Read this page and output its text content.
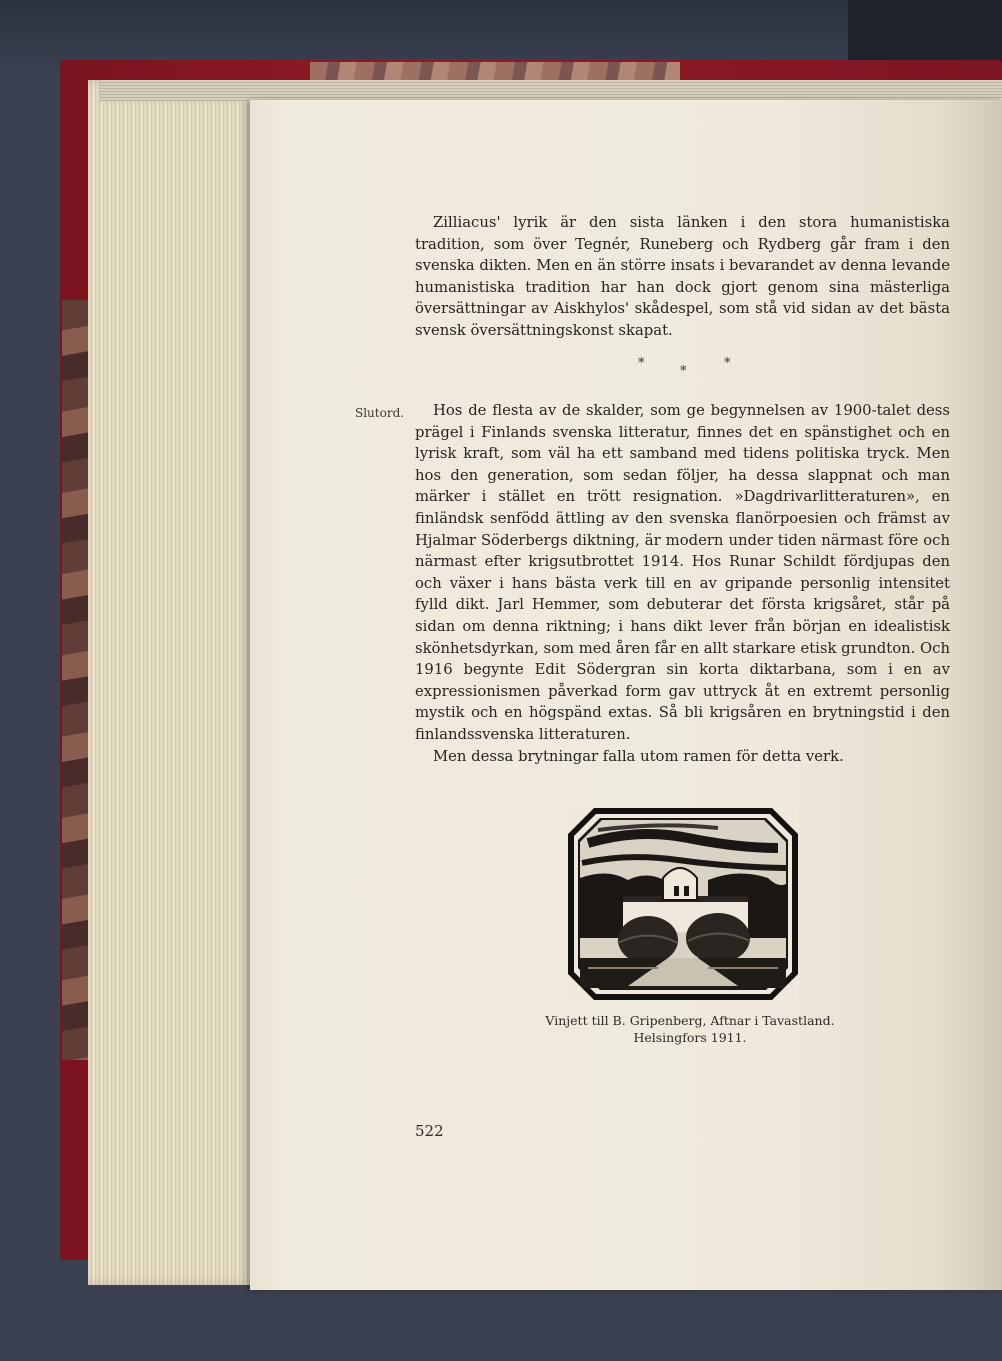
Slutord.

Zilliacus' lyrik är den sista länken i den stora humanistiska tradition, som över Tegnér, Runeberg och Rydberg går fram i den svenska dikten. Men en än större insats i bevarandet av denna levande humanistiska tradition har han dock gjort genom sina mästerliga översättningar av Aiskhylos' skådespel, som stå vid sidan av det bästa svensk översättningskonst skapat.

*
*
*

Hos de flesta av de skalder, som ge begynnelsen av 1900-talet dess prägel i Finlands svenska litteratur, finnes det en spänstighet och en lyrisk kraft, som väl ha ett samband med tidens politiska tryck. Men hos den generation, som sedan följer, ha dessa slappnat och man märker i stället en trött resignation. »Dagdrivarlitteraturen», en finländsk senfödd ättling av den svenska flanörpoesien och främst av Hjalmar Söderbergs diktning, är modern under tiden närmast före och närmast efter krigsutbrottet 1914. Hos Runar Schildt fördjupas den och växer i hans bästa verk till en av gripande personlig intensitet fylld dikt. Jarl Hemmer, som debuterar det första krigsåret, står på sidan om denna riktning; i hans dikt lever från början en idealistisk skönhetsdyrkan, som med åren får en allt starkare etisk grundton. Och 1916 begynte Edit Södergran sin korta diktarbana, som i en av expressionismen påverkad form gav uttryck åt en extremt personlig mystik och en högspänd extas. Så bli krigsåren en brytningstid i den finlandssvenska litteraturen.

Men dessa brytningar falla utom ramen för detta verk.

Vinjett till B. Gripenberg, Aftnar i Tavastland.
Helsingfors 1911.
522
